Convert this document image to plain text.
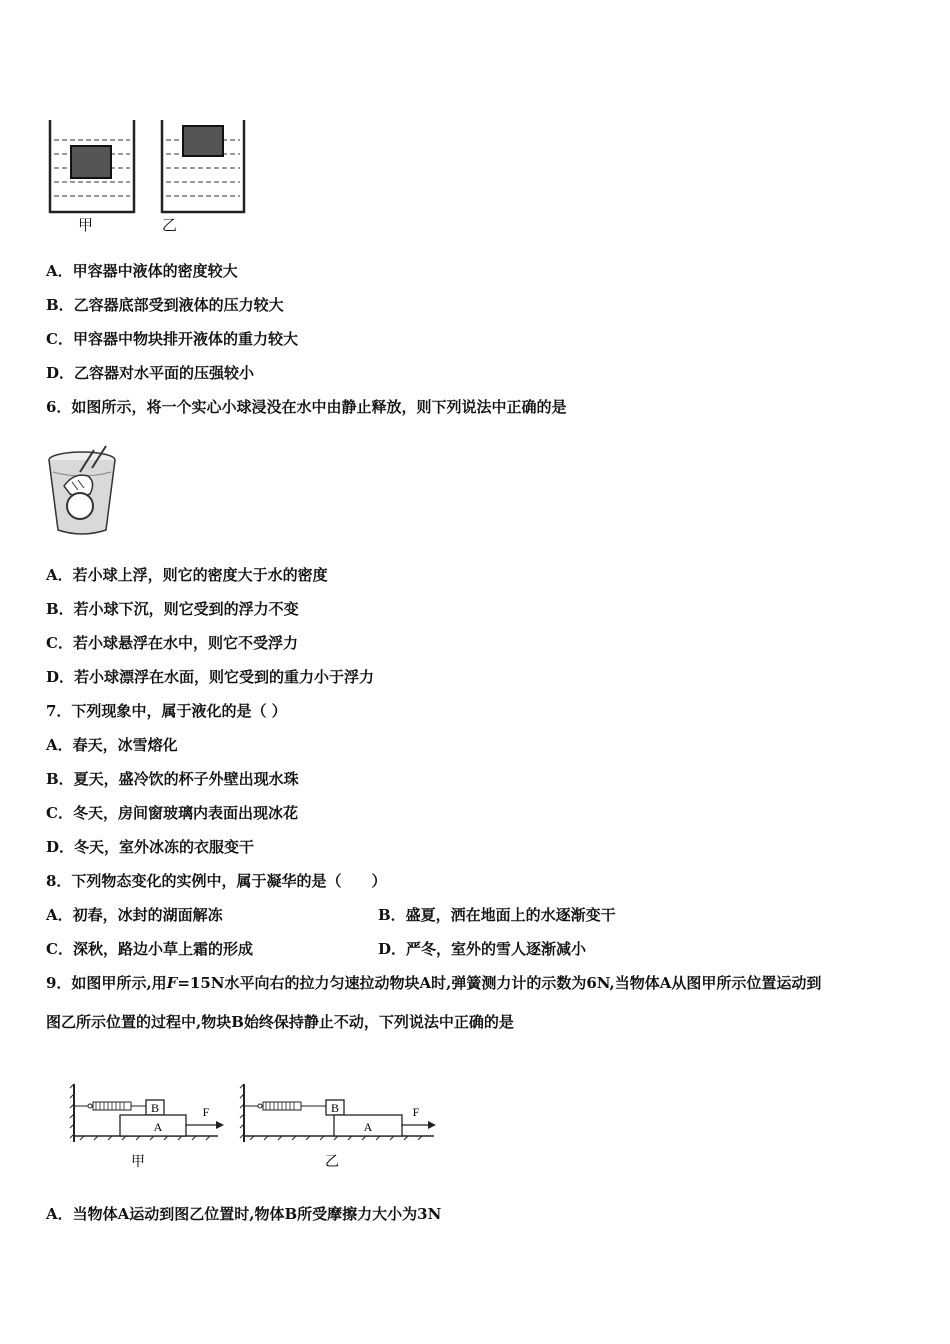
甲	乙
A．甲容器中液体的密度较大
B．乙容器底部受到液体的压力较大
C．甲容器中物块排开液体的重力较大
D．乙容器对水平面的压强较小
6．如图所示，将一个实心小球浸没在水中由静止释放，则下列说法中正确的是
A．若小球上浮，则它的密度大于水的密度
B．若小球下沉，则它受到的浮力不变
C．若小球悬浮在水中，则它不受浮力
D．若小球漂浮在水面，则它受到的重力小于浮力
7．下列现象中，属于液化的是（ ）
A．春天，冰雪熔化
B．夏天，盛冷饮的杯子外壁出现水珠
C．冬天，房间窗玻璃内表面出现冰花
D．冬天，室外冰冻的衣服变干
8．下列物态变化的实例中，属于凝华的是（　　）
A．初春，冰封的湖面解冻	B．盛夏，洒在地面上的水逐渐变干
C．深秋，路边小草上霜的形成	D．严冬，室外的雪人逐渐减小
9．如图甲所示,用F=15N水平向右的拉力匀速拉动物块A时,弹簧测力计的示数为6N,当物体A从图甲所示位置运动到
图乙所示位置的过程中,物块B始终保持静止不动，下列说法中正确的是
B
A
F	B
A
F
甲	乙
A．当物体A运动到图乙位置时,物体B所受摩擦力大小为3N
